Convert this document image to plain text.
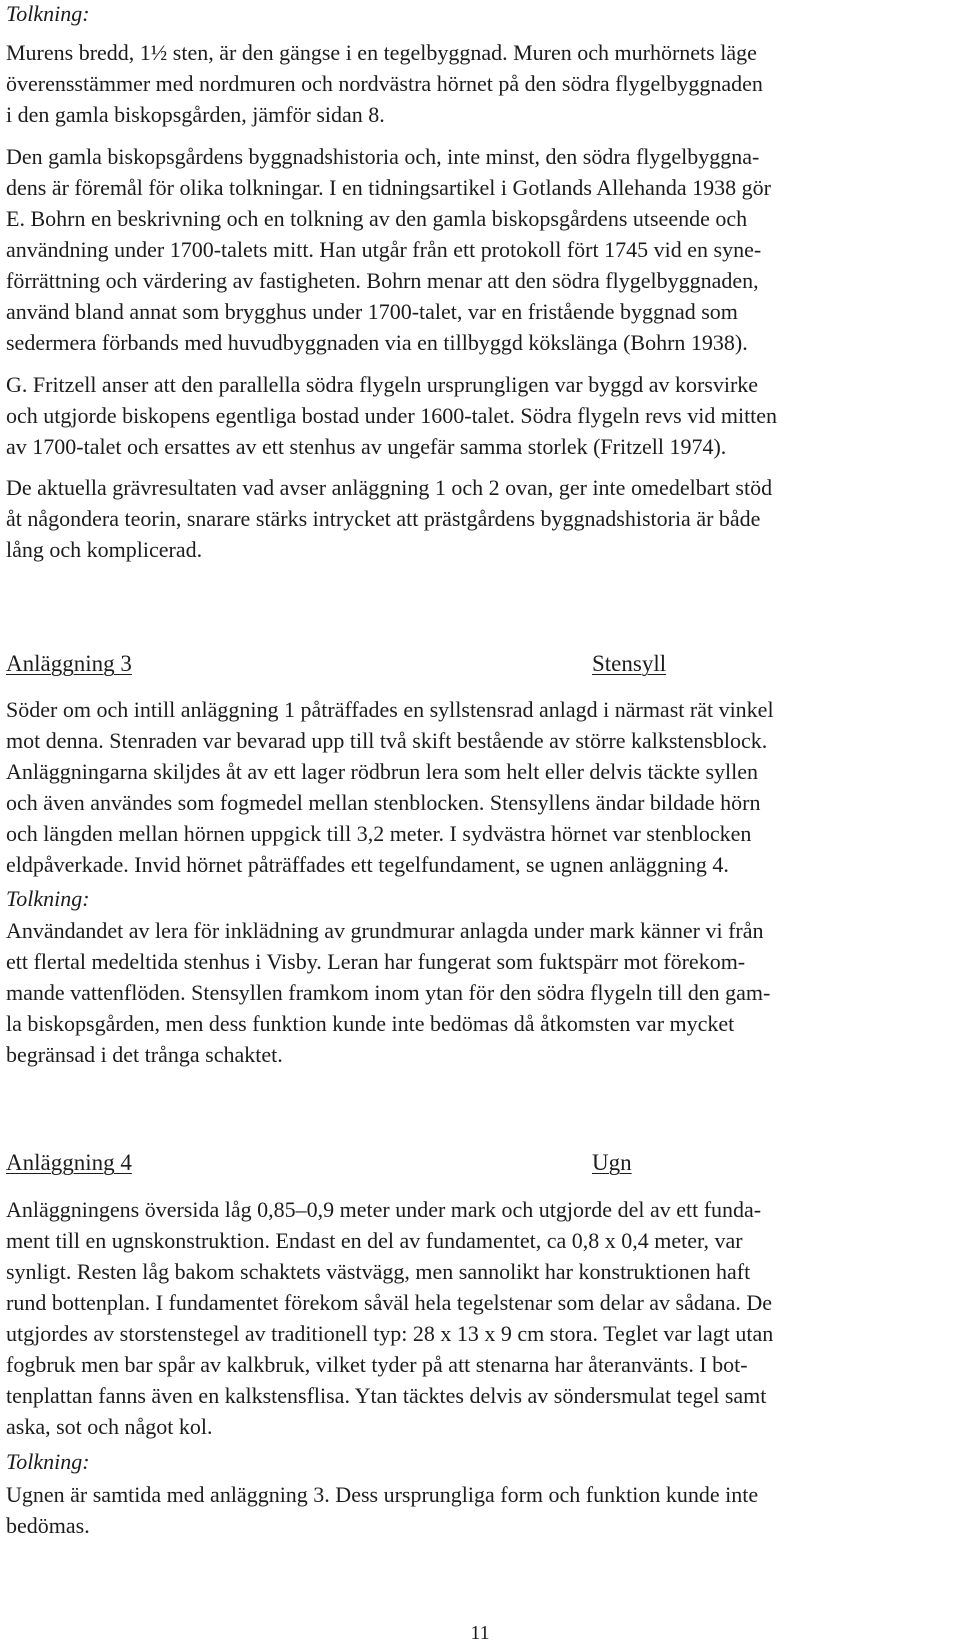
Tolkning:
Murens bredd, 1½ sten, är den gängse i en tegelbyggnad. Muren och murhörnets läge
överensstämmer med nordmuren och nordvästra hörnet på den södra flygelbyggnaden
i den gamla biskopsgården, jämför sidan 8.
Den gamla biskopsgårdens byggnadshistoria och, inte minst, den södra flygelbyggna-
dens är föremål för olika tolkningar. I en tidningsartikel i Gotlands Allehanda 1938 gör
E. Bohrn en beskrivning och en tolkning av den gamla biskopsgårdens utseende och
användning under 1700-talets mitt. Han utgår från ett protokoll fört 1745 vid en syne-
förrättning och värdering av fastigheten. Bohrn menar att den södra flygelbyggnaden,
använd bland annat som brygghus under 1700-talet, var en fristående byggnad som
sedermera förbands med huvudbyggnaden via en tillbyggd kökslänga (Bohrn 1938).
G. Fritzell anser att den parallella södra flygeln ursprungligen var byggd av korsvirke
och utgjorde biskopens egentliga bostad under 1600-talet. Södra flygeln revs vid mitten
av 1700-talet och ersattes av ett stenhus av ungefär samma storlek (Fritzell 1974).
De aktuella grävresultaten vad avser anläggning 1 och 2 ovan, ger inte omedelbart stöd
åt någondera teorin, snarare stärks intrycket att prästgårdens byggnadshistoria är både
lång och komplicerad.
Anläggning 3	Stensyll
Söder om och intill anläggning 1 påträffades en syllstensrad anlagd i närmast rät vinkel
mot denna. Stenraden var bevarad upp till två skift bestående av större kalkstensblock.
Anläggningarna skiljdes åt av ett lager rödbrun lera som helt eller delvis täckte syllen
och även användes som fogmedel mellan stenblocken. Stensyllens ändar bildade hörn
och längden mellan hörnen uppgick till 3,2 meter. I sydvästra hörnet var stenblocken
eldpåverkade. Invid hörnet påträffades ett tegelfundament, se ugnen anläggning 4.
Tolkning:
Användandet av lera för inklädning av grundmurar anlagda under mark känner vi från
ett flertal medeltida stenhus i Visby. Leran har fungerat som fuktspärr mot förekom-
mande vattenflöden. Stensyllen framkom inom ytan för den södra flygeln till den gam-
la biskopsgården, men dess funktion kunde inte bedömas då åtkomsten var mycket
begränsad i det trånga schaktet.
Anläggning 4	Ugn
Anläggningens översida låg 0,85–0,9 meter under mark och utgjorde del av ett funda-
ment till en ugnskonstruktion. Endast en del av fundamentet, ca 0,8 x 0,4 meter, var
synligt. Resten låg bakom schaktets västvägg, men sannolikt har konstruktionen haft
rund bottenplan. I fundamentet förekom såväl hela tegelstenar som delar av sådana. De
utgjordes av storstenstegel av traditionell typ: 28 x 13 x 9 cm stora. Teglet var lagt utan
fogbruk men bar spår av kalkbruk, vilket tyder på att stenarna har återanvänts. I bot-
tenplattan fanns även en kalkstensflisa. Ytan täcktes delvis av söndersmulat tegel samt
aska, sot och något kol.
Tolkning:
Ugnen är samtida med anläggning 3. Dess ursprungliga form och funktion kunde inte
bedömas.
11
